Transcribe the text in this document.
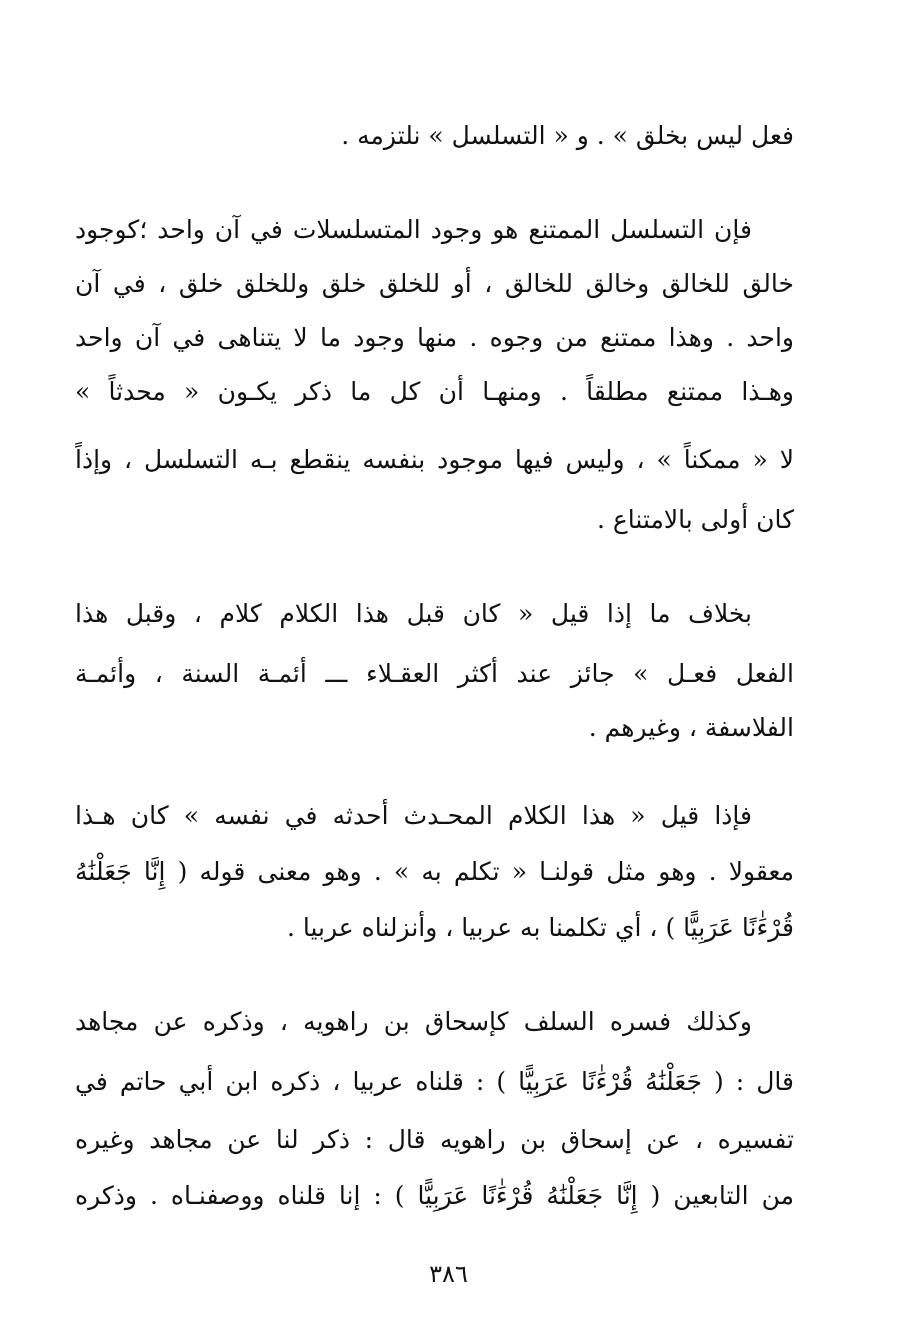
فعل ليس بخلق » . و « التسلسل » نلتزمه .
فإن التسلسل الممتنع هو وجود المتسلسلات في آن واحد ؛كوجود
خالق للخالق وخالق للخالق ، أو للخلق خلق وللخلق خلق ، في آن
واحد . وهذا ممتنع من وجوه . منها وجود ما لا يتناهى في آن واحد
وهـذا ممتنع مطلقاً . ومنهـا أن كل ما ذكر يكـون « محدثاً »
لا « ممكناً » ، وليس فيها موجود بنفسه ينقطع بـه التسلسل ، وإذاً
كان أولى بالامتناع .
بخلاف ما إذا قيل « كان قبل هذا الكلام كلام ، وقبل هذا
الفعل فعـل » جائز عند أكثر العقـلاء ـــ أئمـة السنة ، وأئمـة
الفلاسفة ، وغيرهم .
فإذا قيل « هذا الكلام المحـدث أحدثه في نفسه » كان هـذا
معقولا . وهو مثل قولنـا « تكلم به » . وهو معنى قوله ( إِنَّا جَعَلْنَٰهُ
قُرْءَٰنًا عَرَبِيًّا ) ، أي تكلمنا به عربيا ، وأنزلناه عربيا .
وكذلك فسره السلف كإسحاق بن راهويه ، وذكره عن مجاهد
قال : ( جَعَلْنَٰهُ قُرْءَٰنًا عَرَبِيًّا ) : قلناه عربيا ، ذكره ابن أبي حاتم في
تفسيره ، عن إسحاق بن راهويه قال : ذكر لنا عن مجاهد وغيره
من التابعين ( إِنَّا جَعَلْنَٰهُ قُرْءَٰنًا عَرَبِيًّا ) : إنا قلناه ووصفنـاه . وذكره
٣٨٦
